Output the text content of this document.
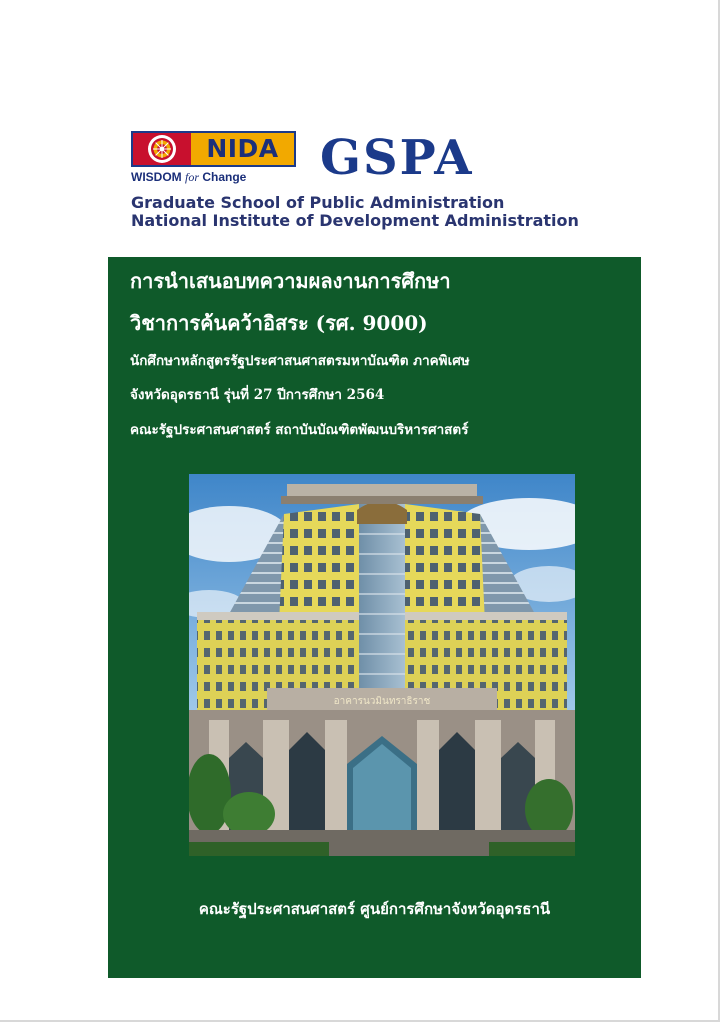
NIDA
WISDOM for Change	GSPA
Graduate School of Public Administration
National Institute of Development Administration
การนำเสนอบทความผลงานการศึกษา
วิชาการค้นคว้าอิสระ (รศ. 9000)
นักศึกษาหลักสูตรรัฐประศาสนศาสตรมหาบัณฑิต ภาคพิเศษ
จังหวัดอุดรธานี รุ่นที่ 27 ปีการศึกษา 2564
คณะรัฐประศาสนศาสตร์ สถาบันบัณฑิตพัฒนบริหารศาสตร์
อาคารนวมินทราธิราช
คณะรัฐประศาสนศาสตร์ ศูนย์การศึกษาจังหวัดอุดรธานี
